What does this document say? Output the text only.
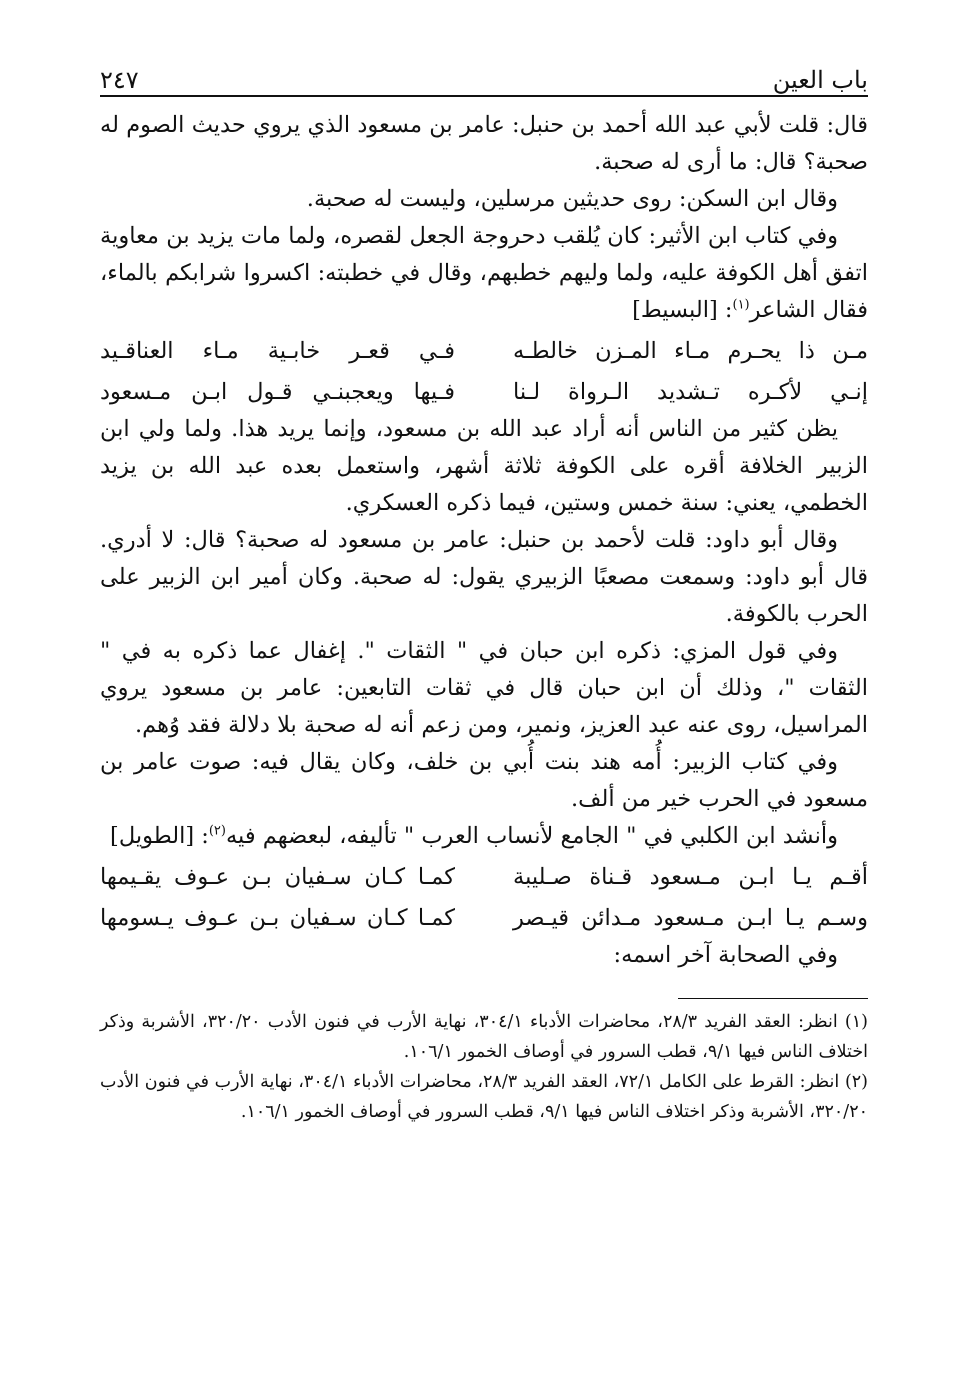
باب العين
٢٤٧

قال: قلت لأبي عبد الله أحمد بن حنبل: عامر بن مسعود الذي يروي حديث الصوم له صحبة؟ قال: ما أرى له صحبة.

وقال ابن السكن: روى حديثين مرسلين، وليست له صحبة.

وفي كتاب ابن الأثير: كان يُلقب دحروجة الجعل لقصره، ولما مات يزيد بن معاوية اتفق أهل الكوفة عليه، ولما وليهم خطبهم، وقال في خطبته: اكسروا شرابكم بالماء، فقال الشاعر$^{(١)}$: [البسيط]

مـن ذا يحـرم مـاء المـزن خالطـه
فـي قعـر خابـية مـاء العناقـيد
إنـي لأكـره تـشديد الـرواة لـنا
فـيها ويعجبنـي قـول ابـن مـسعود

يظن كثير من الناس أنه أراد عبد الله بن مسعود، وإنما يريد هذا. ولما ولي ابن الزبير الخلافة أقره على الكوفة ثلاثة أشهر، واستعمل بعده عبد الله بن يزيد الخطمي، يعني: سنة خمس وستين، فيما ذكره العسكري.

وقال أبو داود: قلت لأحمد بن حنبل: عامر بن مسعود له صحبة؟ قال: لا أدري. قال أبو داود: وسمعت مصعبًا الزبيري يقول: له صحبة. وكان أمير ابن الزبير على الحرب بالكوفة.

وفي قول المزي: ذكره ابن حبان في " الثقات ". إغفال عما ذكره به في " الثقات "، وذلك أن ابن حبان قال في ثقات التابعين: عامر بن مسعود يروي المراسيل، روى عنه عبد العزيز، ونمير، ومن زعم أنه له صحبة بلا دلالة فقد وُهم.

وفي كتاب الزبير: أُمه هند بنت أُبي بن خلف، وكان يقال فيه: صوت عامر بن مسعود في الحرب خير من ألف.

وأنشد ابن الكلبي في " الجامع لأنساب العرب " تأليفه، لبعضهم فيه$^{(٢)}$: [الطويل]

أقـم يـا ابـن مـسعود قـناة صـليبة
كمـا كـان سـفيان بـن عـوف يقـيمها
وسـم يـا ابـن مـسعود مـدائن قيـصر
كمـا كـان سـفيان بـن عـوف يـسومها

وفي الصحابة آخر اسمه:

(١) انظر: العقد الفريد ٢٨/٣، محاضرات الأدباء ٣٠٤/١، نهاية الأرب في فنون الأدب ٣٢٠/٢٠، الأشربة وذكر اختلاف الناس فيها ٩/١، قطب السرور في أوصاف الخمور ١٠٦/١.

(٢) انظر: القرط على الكامل ٧٢/١، العقد الفريد ٢٨/٣، محاضرات الأدباء ٣٠٤/١، نهاية الأرب في فنون الأدب ٣٢٠/٢٠، الأشربة وذكر اختلاف الناس فيها ٩/١، قطب السرور في أوصاف الخمور ١٠٦/١.
